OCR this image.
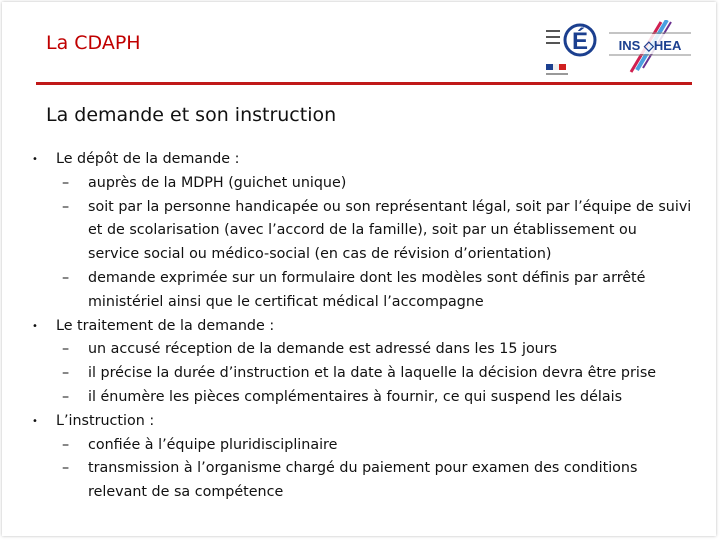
La CDAPH	É INS ◇HEA
La demande et son instruction
• Le dépôt de la demande :
– auprès de la MDPH (guichet unique)
– soit par la personne handicapée ou son représentant légal, soit par l’équipe de suivi et de scolarisation (avec l’accord de la famille), soit par un établissement ou service social ou médico-social (en cas de révision d’orientation)
– demande exprimée sur un formulaire dont les modèles sont définis par arrêté ministériel ainsi que le certificat médical l’accompagne
• Le traitement de la demande :
– un accusé réception de la demande est adressé dans les 15 jours
– il précise la durée d’instruction et la date à laquelle la décision devra être prise
– il énumère les pièces complémentaires à fournir, ce qui suspend les délais
• L’instruction :
– confiée à l’équipe pluridisciplinaire
– transmission à l’organisme chargé du paiement pour examen des conditions relevant de sa compétence
